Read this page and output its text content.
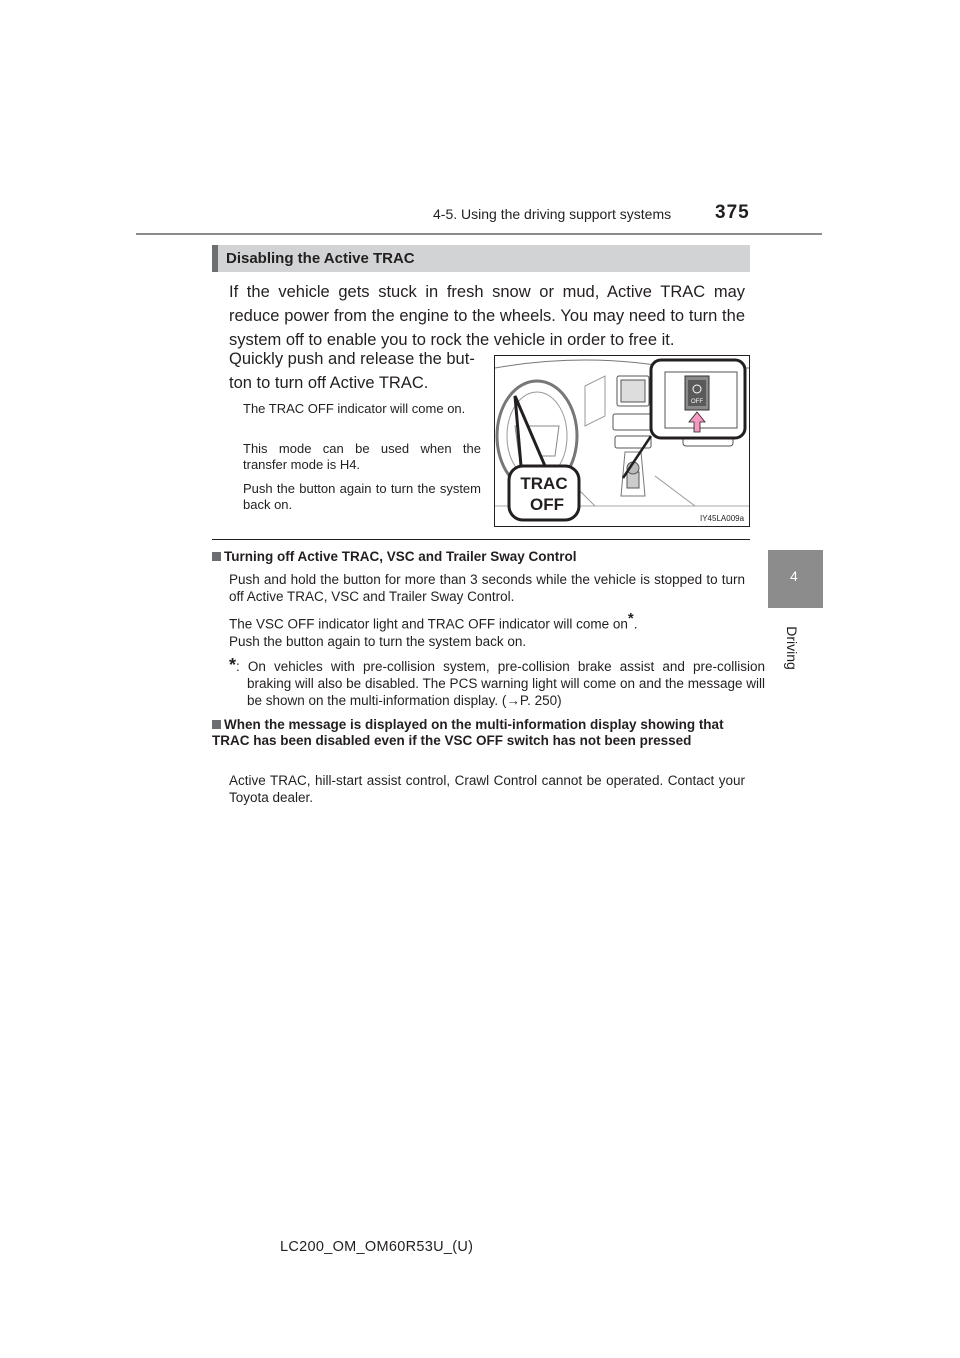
4-5. Using the driving support systems 375
4
Driving
Disabling the Active TRAC
If the vehicle gets stuck in fresh snow or mud, Active TRAC may reduce power from the engine to the wheels. You may need to turn the system off to enable you to rock the vehicle in order to free it.
Quickly push and release the but-
ton to turn off Active TRAC.
The TRAC OFF indicator will come on.
This mode can be used when the transfer mode is H4.
Push the button again to turn the system back on.
OFF
TRAC
OFF
IY45LA009a
Turning off Active TRAC, VSC and Trailer Sway Control
Push and hold the button for more than 3 seconds while the vehicle is stopped to turn off Active TRAC, VSC and Trailer Sway Control.
The VSC OFF indicator light and TRAC OFF indicator will come on*.
Push the button again to turn the system back on.
*: On vehicles with pre-collision system, pre-collision brake assist and pre-collision braking will also be disabled. The PCS warning light will come on and the message will be shown on the multi-information display. (→P. 250)
When the message is displayed on the multi-information display showing that TRAC has been disabled even if the VSC OFF switch has not been pressed
Active TRAC, hill-start assist control, Crawl Control cannot be operated. Contact your Toyota dealer.
LC200_OM_OM60R53U_(U)
